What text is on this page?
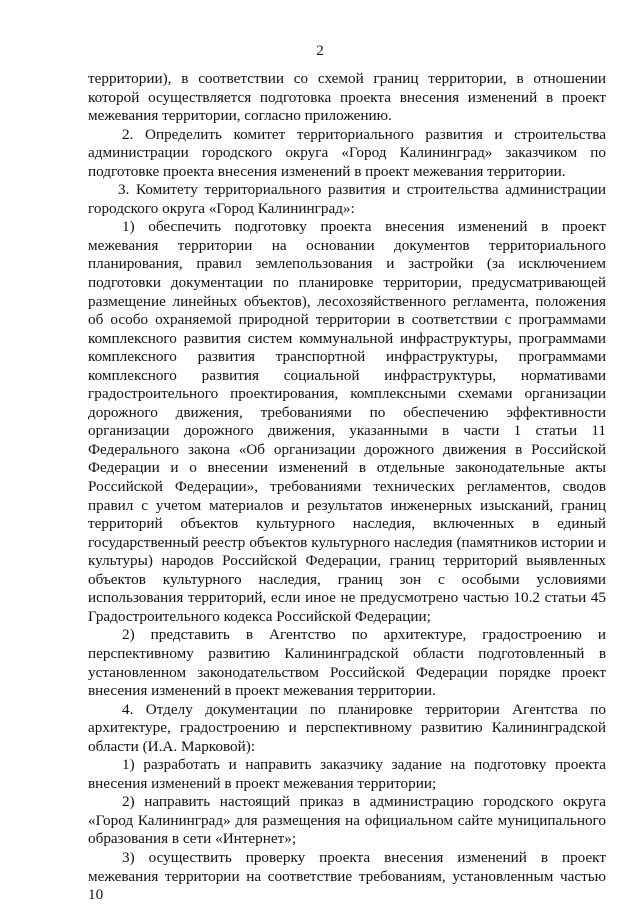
2

территории), в соответствии со схемой границ территории, в отношении которой осуществляется подготовка проекта внесения изменений в проект межевания территории, согласно приложению.

2. Определить комитет территориального развития и строительства администрации городского округа «Город Калининград» заказчиком по подготовке проекта внесения изменений в проект межевания территории.

3. Комитету территориального развития и строительства администрации городского округа «Город Калининград»:

1) обеспечить подготовку проекта внесения изменений в проект межевания территории на основании документов территориального планирования, правил землепользования и застройки (за исключением подготовки документации по планировке территории, предусматривающей размещение линейных объектов), лесохозяйственного регламента, положения об особо охраняемой природной территории в соответствии с программами комплексного развития систем коммунальной инфраструктуры, программами комплексного развития транспортной инфраструктуры, программами комплексного развития социальной инфраструктуры, нормативами градостроительного проектирования, комплексными схемами организации дорожного движения, требованиями по обеспечению эффективности организации дорожного движения, указанными в части 1 статьи 11 Федерального закона «Об организации дорожного движения в Российской Федерации и о внесении изменений в отдельные законодательные акты Российской Федерации», требованиями технических регламентов, сводов правил с учетом материалов и результатов инженерных изысканий, границ территорий объектов культурного наследия, включенных в единый государственный реестр объектов культурного наследия (памятников истории и культуры) народов Российской Федерации, границ территорий выявленных объектов культурного наследия, границ зон с особыми условиями использования территорий, если иное не предусмотрено частью 10.2 статьи 45 Градостроительного кодекса Российской Федерации;

2) представить в Агентство по архитектуре, градостроению и перспективному развитию Калининградской области подготовленный в установленном законодательством Российской Федерации порядке проект внесения изменений в проект межевания территории.

4. Отделу документации по планировке территории Агентства по архитектуре, градостроению и перспективному развитию Калининградской области (И.А. Марковой):

1) разработать и направить заказчику задание на подготовку проекта внесения изменений в проект межевания территории;

2) направить настоящий приказ в администрацию городского округа «Город Калининград» для размещения на официальном сайте муниципального образования в сети «Интернет»;

3) осуществить проверку проекта внесения изменений в проект межевания территории на соответствие требованиям, установленным частью 10
